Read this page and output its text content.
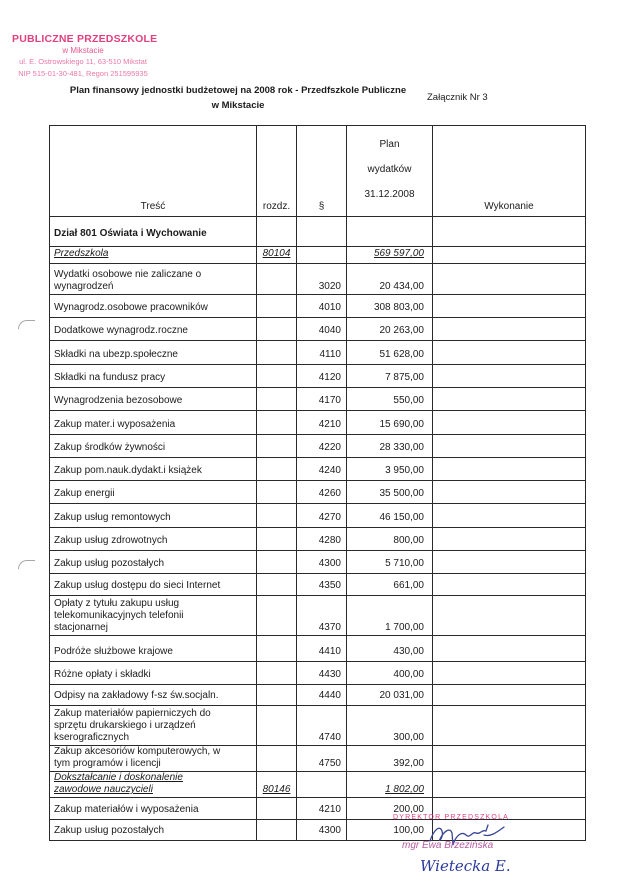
PUBLICZNE PRZEDSZKOLE
w Mikstacie
ul. E. Ostrowskiego 11, 63-510 Mikstat
NIP 515-01-30-481, Regon 251595935
Plan finansowy jednostki budżetowej na 2008 rok - Przedfszkole Publiczne
w Mikstacie
Załącznik Nr 3
Treść	rozdz.	§	Plan

wydatków

31.12.2008	Wykonanie
Dział 801 Oświata i Wychowanie				
Przedszkola	80104		569 597,00	
Wydatki osobowe nie zaliczane o
wynagrodzeń		3020	20 434,00	
Wynagrodz.osobowe pracowników		4010	308 803,00	
Dodatkowe wynagrodz.roczne		4040	20 263,00	
Składki na ubezp.społeczne		4110	51 628,00	
Składki na fundusz pracy		4120	7 875,00	
Wynagrodzenia bezosobowe		4170	550,00	
Zakup mater.i wyposażenia		4210	15 690,00	
Zakup środków żywności		4220	28 330,00	
Zakup pom.nauk.dydakt.i książek		4240	3 950,00	
Zakup energii		4260	35 500,00	
Zakup usług remontowych		4270	46 150,00	
Zakup usług zdrowotnych		4280	800,00	
Zakup usług pozostałych		4300	5 710,00	
Zakup usług dostępu do sieci Internet		4350	661,00	
Opłaty z tytułu zakupu usług
telekomunikacyjnych telefonii
stacjonarnej		4370	1 700,00	
Podróże służbowe krajowe		4410	430,00	
Różne opłaty i składki		4430	400,00	
Odpisy na zakładowy f-sz św.socjaln.		4440	20 031,00	
Zakup materiałów papierniczych do
sprzętu drukarskiego i urządzeń
kserograficznych		4740	300,00	
Zakup akcesoriów komputerowych, w
tym programów i licencji		4750	392,00	
Dokształcanie i doskonalenie
zawodowe nauczycieli	80146		1 802,00	
Zakup materiałów i wyposażenia		4210	200,00	
Zakup usług pozostałych		4300	100,00	
DYREKTOR PRZEDSZKOLA
mgr Ewa Brzezińska
Wietecka E.
